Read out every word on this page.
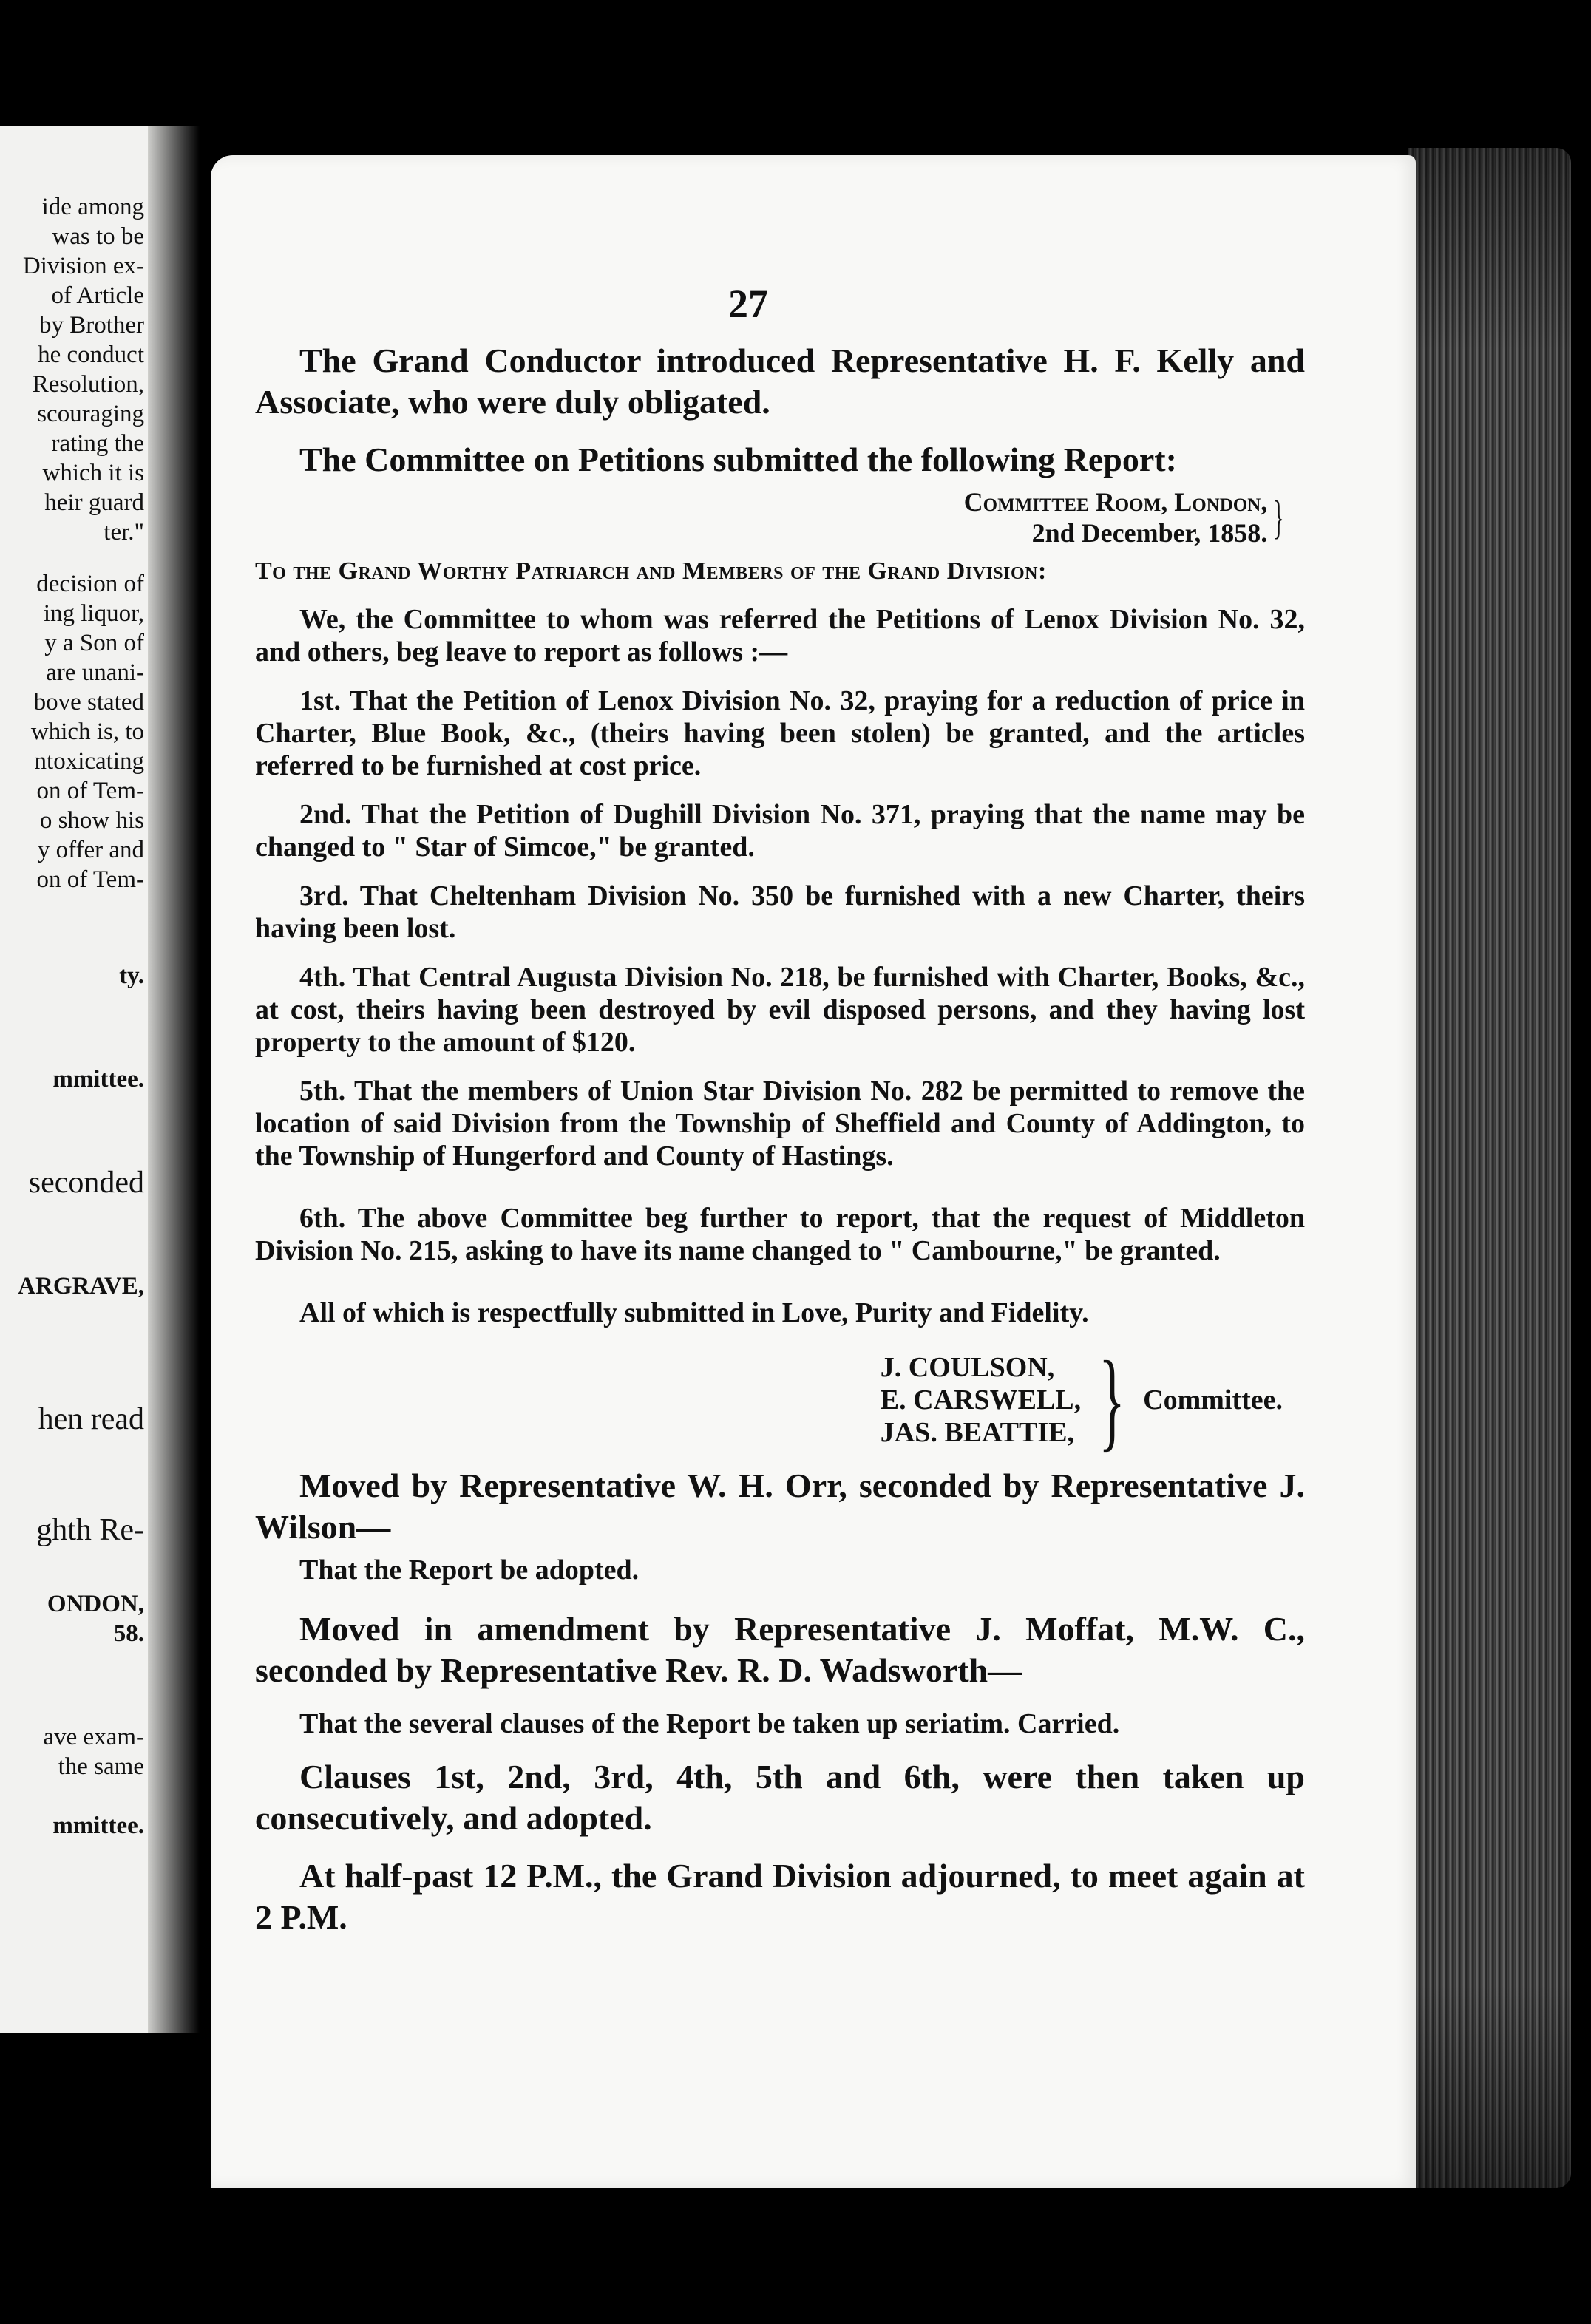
ide among
was to be
Division ex-
of Article
by Brother
he conduct
Resolution,
scouraging
rating the
which it is
heir guard
ter."
decision of
ing liquor,
y a Son of
are unani-
bove stated
which is, to
ntoxicating
on of Tem-
o show his
y offer and
on of Tem-
ty.
mmittee.
seconded
ARGRAVE,
hen read
ghth Re-
ONDON,
58.
ave exam-
the same
mmittee.
27

The Grand Conductor introduced Representative H. F. Kelly and Associate, who were duly obligated.

The Committee on Petitions submitted the following Report:

Committee Room, London,
2nd December, 1858. }

To the Grand Worthy Patriarch and Members of the Grand Division:

We, the Committee to whom was referred the Petitions of Lenox Division No. 32, and others, beg leave to report as follows :—

1st. That the Petition of Lenox Division No. 32, praying for a reduction of price in Charter, Blue Book, &c., (theirs having been stolen) be granted, and the articles referred to be furnished at cost price.

2nd. That the Petition of Dughill Division No. 371, praying that the name may be changed to " Star of Simcoe," be granted.

3rd. That Cheltenham Division No. 350 be furnished with a new Charter, theirs having been lost.

4th. That Central Augusta Division No. 218, be furnished with Charter, Books, &c., at cost, theirs having been destroyed by evil disposed persons, and they having lost property to the amount of $120.

5th. That the members of Union Star Division No. 282 be permitted to remove the location of said Division from the Township of Sheffield and County of Addington, to the Township of Hungerford and County of Hastings.

6th. The above Committee beg further to report, that the request of Middleton Division No. 215, asking to have its name changed to " Cambourne," be granted.

All of which is respectfully submitted in Love, Purity and Fidelity.

J. COULSON,
E. CARSWELL,
JAS. BEATTIE, } Committee.

Moved by Representative W. H. Orr, seconded by Representative J. Wilson—

That the Report be adopted.

Moved in amendment by Representative J. Moffat, M.W. C., seconded by Representative Rev. R. D. Wadsworth—

That the several clauses of the Report be taken up seriatim. Carried.

Clauses 1st, 2nd, 3rd, 4th, 5th and 6th, were then taken up consecutively, and adopted.

At half-past 12 P.M., the Grand Division adjourned, to meet again at 2 P.M.
